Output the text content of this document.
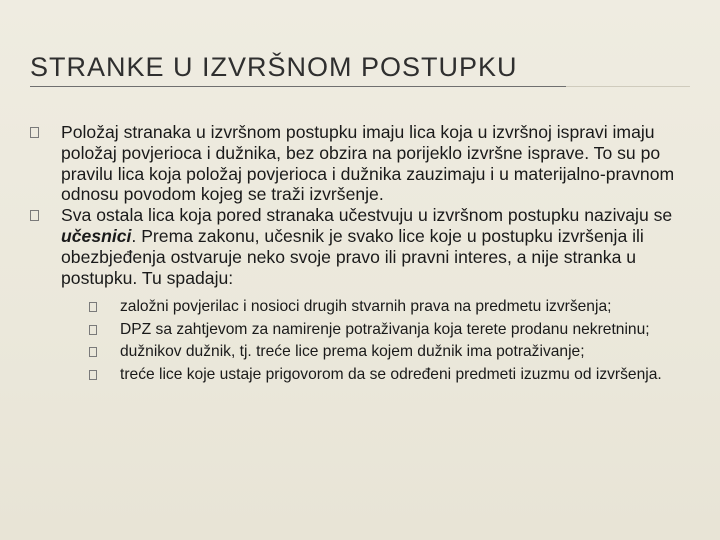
STRANKE U IZVRŠNOM POSTUPKU
Položaj stranaka u izvršnom postupku imaju lica koja u izvršnoj ispravi imaju položaj povjerioca i dužnika, bez obzira na porijeklo izvršne isprave. To su po pravilu lica koja položaj povjerioca i dužnika zauzimaju i u materijalno-pravnom odnosu povodom kojeg se traži izvršenje.
Sva ostala lica koja pored stranaka učestvuju u izvršnom postupku nazivaju se učesnici. Prema zakonu, učesnik je svako lice koje u postupku izvršenja ili obezbjeđenja ostvaruje neko svoje pravo ili pravni interes, a nije stranka u postupku. Tu spadaju:
založni povjerilac i nosioci drugih stvarnih prava na predmetu izvršenja;
DPZ sa zahtjevom za namirenje potraživanja koja terete prodanu nekretninu;
dužnikov dužnik, tj. treće lice prema kojem dužnik ima potraživanje;
treće lice koje ustaje prigovorom da se određeni predmeti izuzmu od izvršenja.
